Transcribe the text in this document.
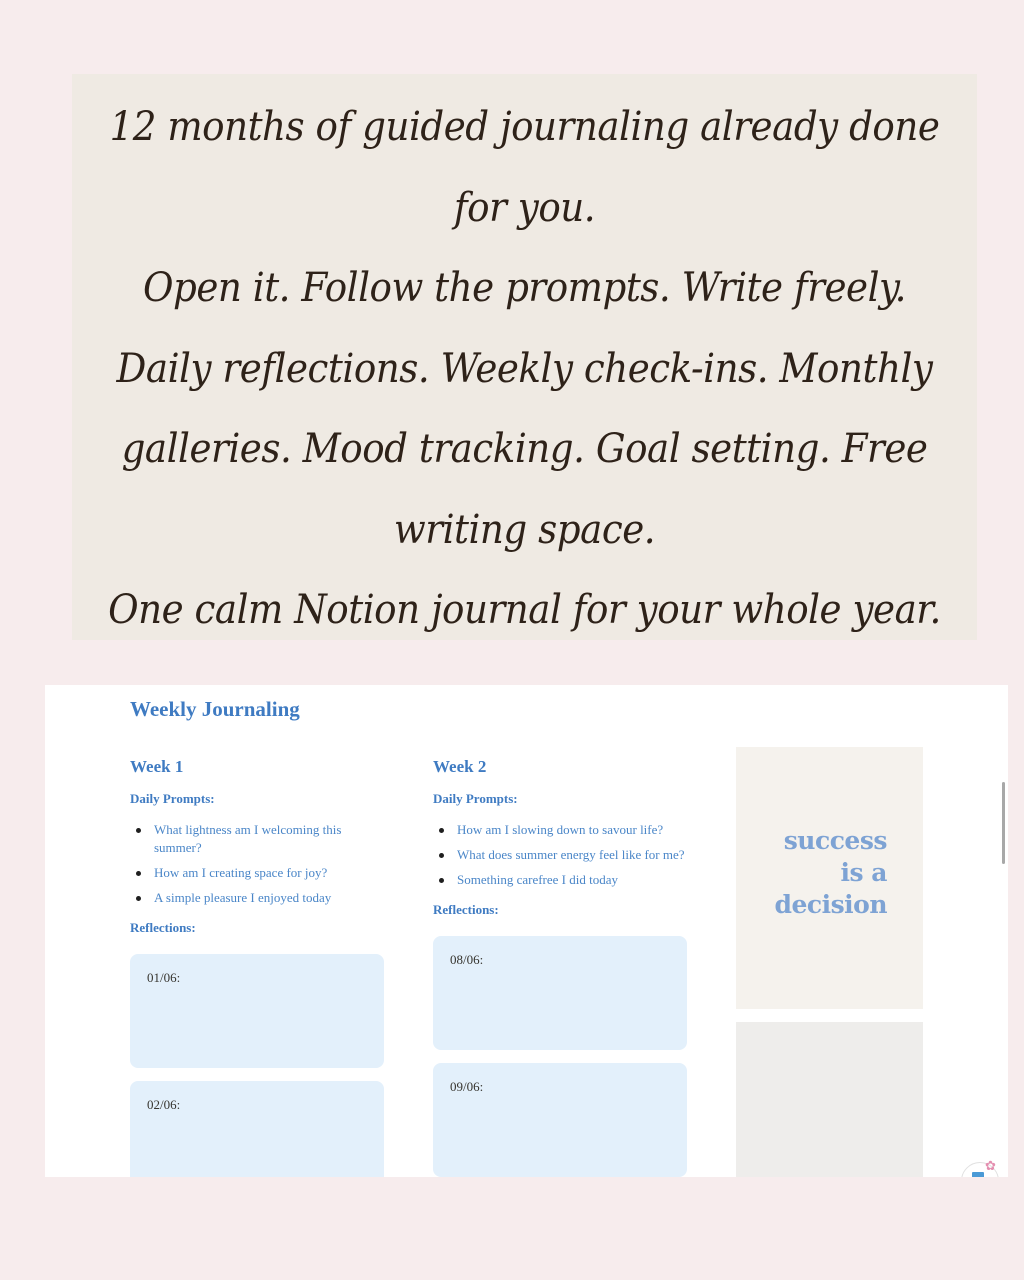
12 months of guided journaling already done
for you.
Open it. Follow the prompts. Write freely.
Daily reflections. Weekly check-ins. Monthly
galleries. Mood tracking. Goal setting. Free
writing space.
One calm Notion journal for your whole year.

Weekly Journaling
Week 1
Daily Prompts:
What lightness am I welcoming this summer?
How am I creating space for joy?
A simple pleasure I enjoyed today
Reflections:
01/06:
02/06:
Week 2
Daily Prompts:
How am I slowing down to savour life?
What does summer energy feel like for me?
Something carefree I did today
Reflections:
08/06:
09/06:
success
is a
decision
✿
